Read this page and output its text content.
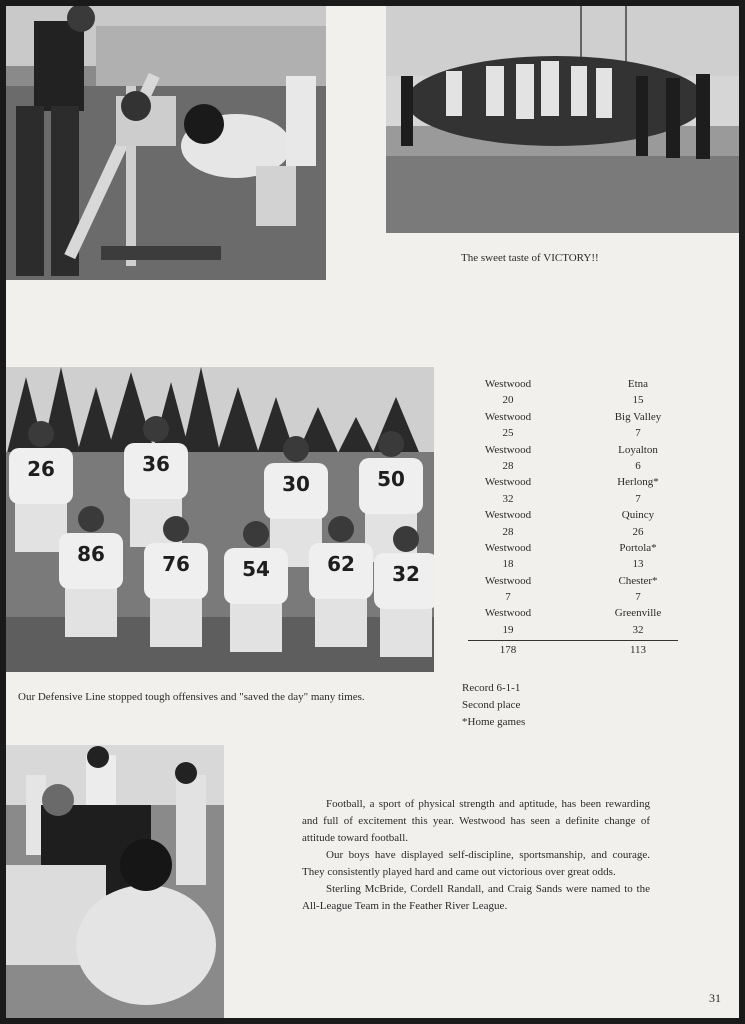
The sweet taste of VICTORY!!
26	36
30	50
86	76	54	62 32
Our Defensive Line stopped tough offensives and "saved the day" many times.
Westwood	Etna
20	15
Westwood	Big Valley
25	7
Westwood	Loyalton
28	6
Westwood	Herlong*
32	7
Westwood	Quincy
28	26
Westwood	Portola*
18	13
Westwood	Chester*
7	7
Westwood	Greenville
19	32
178	113
Record 6-1-1
Second place
*Home games

Football, a sport of physical strength and aptitude, has been rewarding and full of excitement this year. Westwood has seen a definite change of attitude toward football.

Our boys have displayed self-discipline, sportsmanship, and courage. They consistently played hard and came out victorious over great odds.

Sterling McBride, Cordell Randall, and Craig Sands were named to the All-League Team in the Feather River League.

31
